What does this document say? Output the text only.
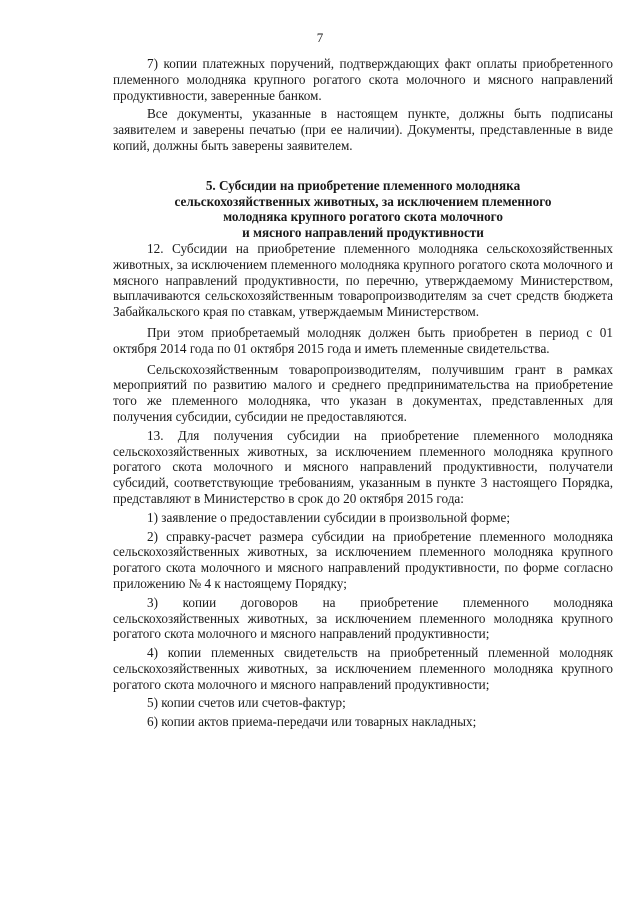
7

7) копии платежных поручений, подтверждающих факт оплаты приобретенного племенного молодняка крупного рогатого скота молочного и мясного направлений продуктивности, заверенные банком.

Все документы, указанные в настоящем пункте, должны быть подписаны заявителем и заверены печатью (при ее наличии). Документы, представленные в виде копий, должны быть заверены заявителем.

5. Субсидии на приобретение племенного молодняка
сельскохозяйственных животных, за исключением племенного
молодняка крупного рогатого скота молочного
и мясного направлений продуктивности

12. Субсидии на приобретение племенного молодняка сельскохозяйственных животных, за исключением племенного молодняка крупного рогатого скота молочного и мясного направлений продуктивности, по перечню, утверждаемому Министерством, выплачиваются сельскохозяйственным товаропроизводителям за счет средств бюджета Забайкальского края по ставкам, утверждаемым Министерством.

При этом приобретаемый молодняк должен быть приобретен в период с 01 октября 2014 года по 01 октября 2015 года и иметь племенные свидетельства.

Сельскохозяйственным товаропроизводителям, получившим грант в рамках мероприятий по развитию малого и среднего предпринимательства на приобретение того же племенного молодняка, что указан в документах, представленных для получения субсидии, субсидии не предоставляются.

13. Для получения субсидии на приобретение племенного молодняка сельскохозяйственных животных, за исключением племенного молодняка крупного рогатого скота молочного и мясного направлений продуктивности, получатели субсидий, соответствующие требованиям, указанным в пункте 3 настоящего Порядка, представляют в Министерство в срок до 20 октября 2015 года:

1) заявление о предоставлении субсидии в произвольной форме;

2) справку-расчет размера субсидии на приобретение племенного молодняка сельскохозяйственных животных, за исключением племенного молодняка крупного рогатого скота молочного и мясного направлений продуктивности, по форме согласно приложению № 4 к настоящему Порядку;

3) копии договоров на приобретение племенного молодняка сельскохозяйственных животных, за исключением племенного молодняка крупного рогатого скота молочного и мясного направлений продуктивности;

4) копии племенных свидетельств на приобретенный племенной молодняк сельскохозяйственных животных, за исключением племенного молодняка крупного рогатого скота молочного и мясного направлений продуктивности;

5) копии счетов или счетов-фактур;

6) копии актов приема-передачи или товарных накладных;
